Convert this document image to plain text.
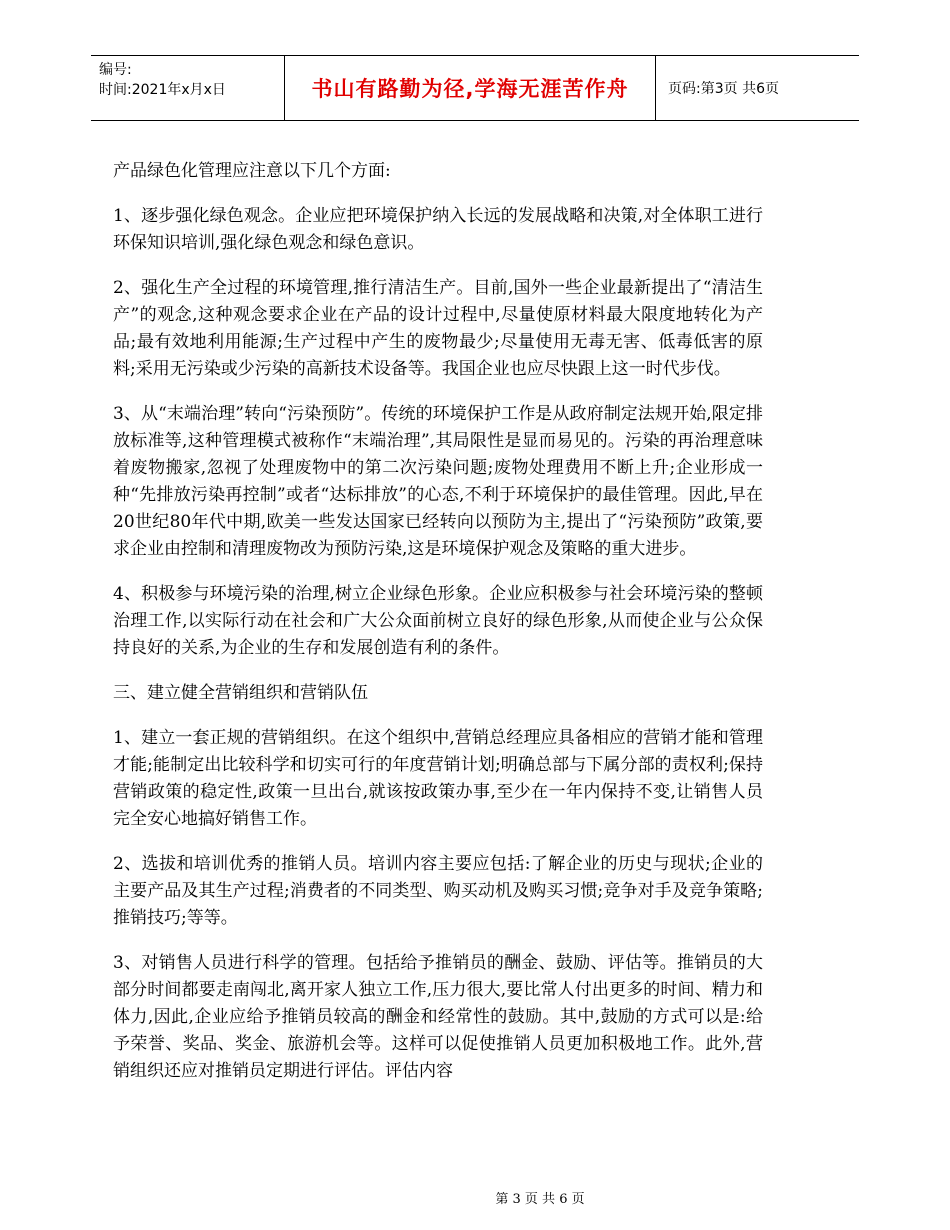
编号:
时间:2021年x月x日	书山有路勤为径,学海无涯苦作舟	页码:第3页 共6页

产品绿色化管理应注意以下几个方面:

1、逐步强化绿色观念。企业应把环境保护纳入长远的发展战略和决策,对全体职工进行环保知识培训,强化绿色观念和绿色意识。

2、强化生产全过程的环境管理,推行清洁生产。目前,国外一些企业最新提出了“清洁生产”的观念,这种观念要求企业在产品的设计过程中,尽量使原材料最大限度地转化为产品;最有效地利用能源;生产过程中产生的废物最少;尽量使用无毒无害、低毒低害的原料;采用无污染或少污染的高新技术设备等。我国企业也应尽快跟上这一时代步伐。

3、从“末端治理”转向“污染预防”。传统的环境保护工作是从政府制定法规开始,限定排放标准等,这种管理模式被称作“末端治理”,其局限性是显而易见的。污染的再治理意味着废物搬家,忽视了处理废物中的第二次污染问题;废物处理费用不断上升;企业形成一种“先排放污染再控制”或者“达标排放”的心态,不利于环境保护的最佳管理。因此,早在20世纪80年代中期,欧美一些发达国家已经转向以预防为主,提出了“污染预防”政策,要求企业由控制和清理废物改为预防污染,这是环境保护观念及策略的重大进步。

4、积极参与环境污染的治理,树立企业绿色形象。企业应积极参与社会环境污染的整顿治理工作,以实际行动在社会和广大公众面前树立良好的绿色形象,从而使企业与公众保持良好的关系,为企业的生存和发展创造有利的条件。

三、建立健全营销组织和营销队伍

1、建立一套正规的营销组织。在这个组织中,营销总经理应具备相应的营销才能和管理才能;能制定出比较科学和切实可行的年度营销计划;明确总部与下属分部的责权利;保持营销政策的稳定性,政策一旦出台,就该按政策办事,至少在一年内保持不变,让销售人员完全安心地搞好销售工作。

2、选拔和培训优秀的推销人员。培训内容主要应包括:了解企业的历史与现状;企业的主要产品及其生产过程;消费者的不同类型、购买动机及购买习惯;竞争对手及竞争策略;推销技巧;等等。

3、对销售人员进行科学的管理。包括给予推销员的酬金、鼓励、评估等。推销员的大部分时间都要走南闯北,离开家人独立工作,压力很大,要比常人付出更多的时间、精力和体力,因此,企业应给予推销员较高的酬金和经常性的鼓励。其中,鼓励的方式可以是:给予荣誉、奖品、奖金、旅游机会等。这样可以促使推销人员更加积极地工作。此外,营销组织还应对推销员定期进行评估。评估内容

第 3 页 共 6 页
